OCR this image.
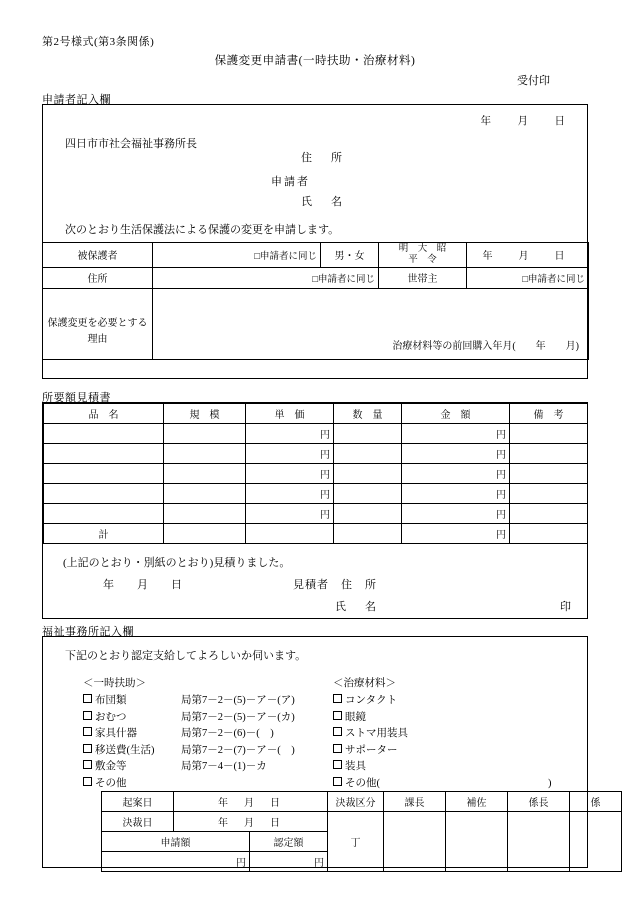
第2号様式(第3条関係)
保護変更申請書(一時扶助・治療材料)
受付印
申請者記入欄
年　月　日
四日市市社会福祉事務所長
住　所
申請者
氏　名
次のとおり生活保護法による保護の変更を申請します。
被保護者	□申請者に同じ	男・女	明　大　昭
平　令	年　月　日
住所	□申請者に同じ		世帯主	□申請者に同じ

保護変更を必要とする
理由	治療材料等の前回購入年月(　　年　　月)			
所要額見積書
品　名	規　模	単　価	数　量	金　額	備　考
		円		円	
		円		円	
		円		円	
		円		円	
		円		円	
計				円	
(上記のとおり・別紙のとおり)見積りました。
年　月　日	見積者　住　所
氏　名	印
福祉事務所記入欄
下記のとおり認定支給してよろしいか伺います。
＜一時扶助＞
布団類	局第7－2－(5)－ア－(ア)
おむつ	局第7－2－(5)－ア－(カ)
家具什器	局第7－2－(6)－(　)
移送費(生活)	局第7－2－(7)－ア－(　)
敷金等	局第7－4－(1)－カ
その他
＜治療材料＞
コンタクト
眼鏡
ストマ用装具
サポーター
装具
その他(　　　　　　　　　　　　　　　　)
起案日	年　月　日		決裁区分	課長	補佐	係長	係
決裁日	年　月　日		丁				
申請額		認定額					
円		円					
